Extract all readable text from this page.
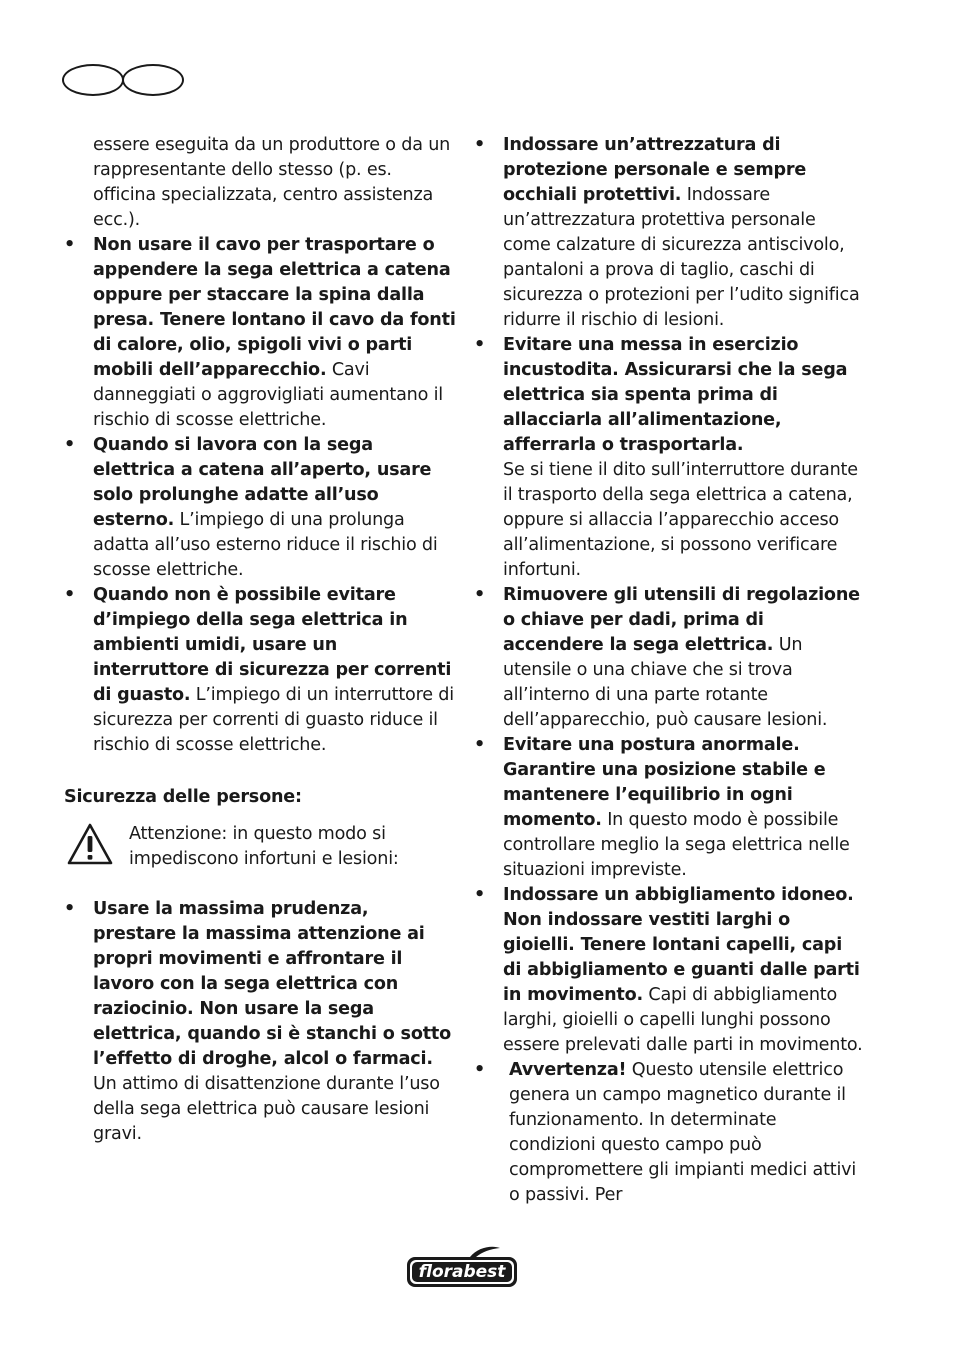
essere eseguita da un produttore o da un rappresentante dello stesso (p. es. officina specializzata, centro assistenza ecc.).
•	Non usare il cavo per trasportare o appendere la sega elettrica a catena oppure per staccare la spina dalla presa. Tenere lontano il cavo da fonti di calore, olio, spigoli vivi o parti mobili dell’apparecchio. Cavi danneggiati o aggrovigliati aumentano il rischio di scosse elettriche.
•	Quando si lavora con la sega elettrica a catena all’aperto, usare solo prolunghe adatte all’uso esterno. L’impiego di una prolunga adatta all’uso esterno riduce il rischio di scosse elettriche.
•	Quando non è possibile evitare d’impiego della sega elettrica in ambienti umidi, usare un interruttore di sicurezza per correnti di guasto. L’impiego di un interruttore di sicurezza per correnti di guasto riduce il rischio di scosse elettriche.
Sicurezza delle persone:
Attenzione: in questo modo si impediscono infortuni e lesioni:
•	Usare la massima prudenza, prestare la massima attenzione ai propri movimenti e affrontare il lavoro con la sega elettrica con raziocinio. Non usare la sega elettrica, quando si è stanchi o sotto l’effetto di droghe, alcol o farmaci. Un attimo di disattenzione durante l’uso della sega elettrica può causare lesioni gravi.
•	Indossare un’attrezzatura di protezione personale e sempre occhiali protettivi. Indossare un’attrezzatura protettiva personale come calzature di sicurezza antiscivolo, pantaloni a prova di taglio, caschi di sicurezza o protezioni per l’udito significa ridurre il rischio di lesioni.
•	Evitare una messa in esercizio incustodita. Assicurarsi che la sega elettrica sia spenta prima di allacciarla all’alimentazione, afferrarla o trasportarla.
Se si tiene il dito sull’interruttore durante il trasporto della sega elettrica a catena, oppure si allaccia l’apparecchio acceso all’alimentazione, si possono verificare infortuni.
•	Rimuovere gli utensili di regolazione o chiave per dadi, prima di accendere la sega elettrica. Un utensile o una chiave che si trova all’interno di una parte rotante dell’apparecchio, può causare lesioni.
•	Evitare una postura anormale. Garantire una posizione stabile e mantenere l’equilibrio in ogni momento. In questo modo è possibile controllare meglio la sega elettrica nelle situazioni impreviste.
•	Indossare un abbigliamento idoneo. Non indossare vestiti larghi o gioielli. Tenere lontani capelli, capi di abbigliamento e guanti dalle parti in movimento. Capi di abbigliamento larghi, gioielli o capelli lunghi possono essere prelevati dalle parti in movimento.
• Avvertenza! Questo utensile elettrico genera un campo magnetico durante il funzionamento. In determinate condizioni questo campo può compromettere gli impianti medici attivi o passivi. Per
florabest
